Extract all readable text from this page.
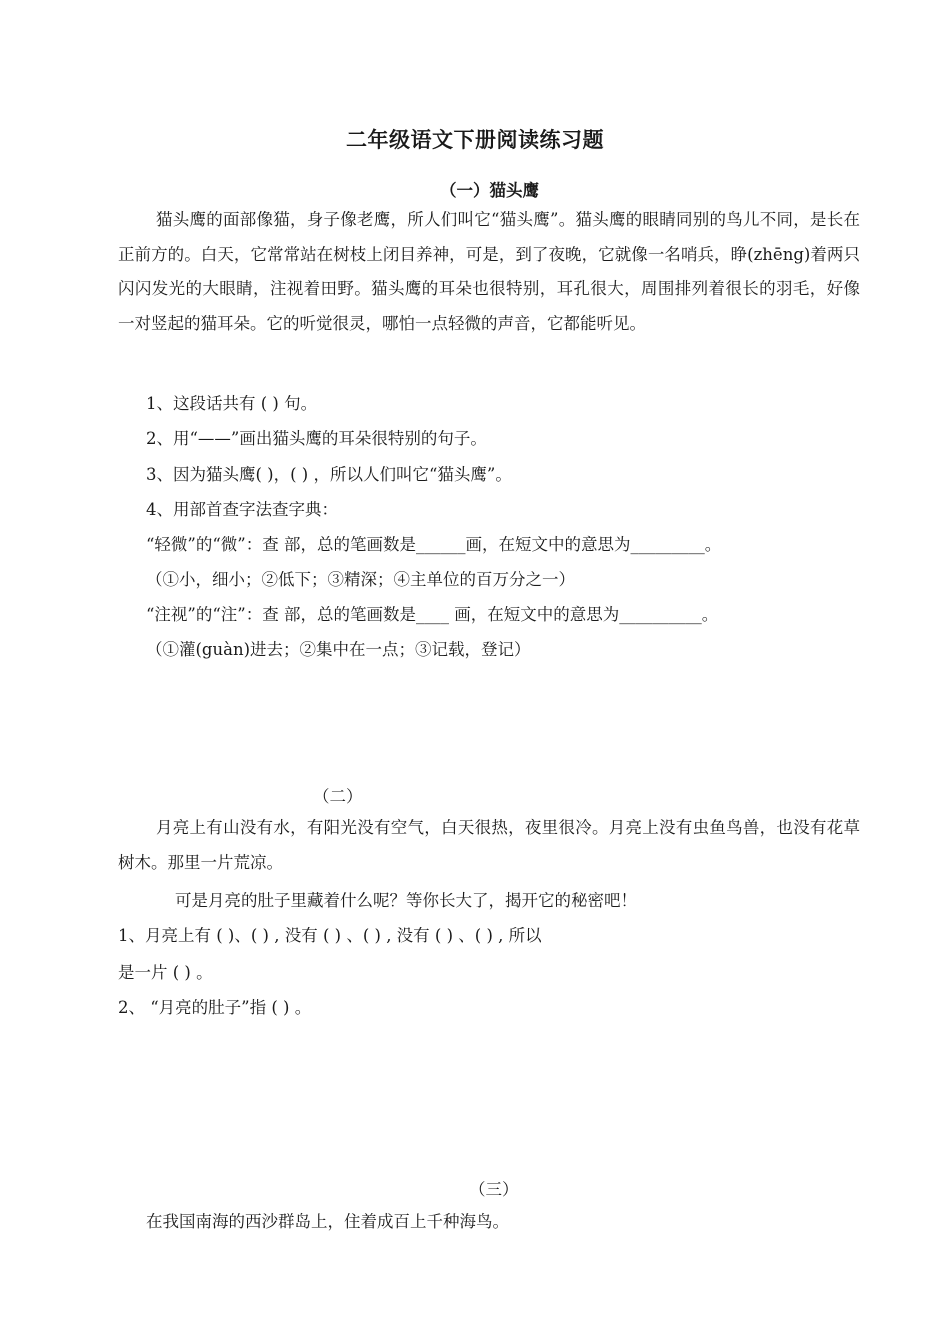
二年级语文下册阅读练习题
（一）猫头鹰
猫头鹰的面部像猫，身子像老鹰，所人们叫它“猫头鹰”。猫头鹰的眼睛同别的鸟儿不同，是长在正前方的。白天，它常常站在树枝上闭目养神，可是，到了夜晚，它就像一名哨兵，睁(zhēng)着两只闪闪发光的大眼睛，注视着田野。猫头鹰的耳朵也很特别，耳孔很大，周围排列着很长的羽毛，好像一对竖起的猫耳朵。它的听觉很灵，哪怕一点轻微的声音，它都能听见。
1、这段话共有 ( ) 句。
2、用“——”画出猫头鹰的耳朵很特别的句子。
3、因为猫头鹰( )，( ) ，所以人们叫它“猫头鹰”。
4、用部首查字法查字典：
“轻微”的“微”：查 部，总的笔画数是______画，在短文中的意思为_________。
（①小，细小；②低下；③精深；④主单位的百万分之一）
“注视”的“注”：查 部，总的笔画数是____ 画，在短文中的意思为__________。
（①灌(guàn)进去；②集中在一点；③记载，登记）
（二）
月亮上有山没有水，有阳光没有空气，白天很热，夜里很冷。月亮上没有虫鱼鸟兽，也没有花草树木。那里一片荒凉。
可是月亮的肚子里藏着什么呢？等你长大了，揭开它的秘密吧！
1、月亮上有 ( )、( ) , 没有 ( ) 、( ) , 没有 ( ) 、( ) , 所以
是一片 ( ) 。
2、 “月亮的肚子”指 ( ) 。
（三）
在我国南海的西沙群岛上，住着成百上千种海鸟。
